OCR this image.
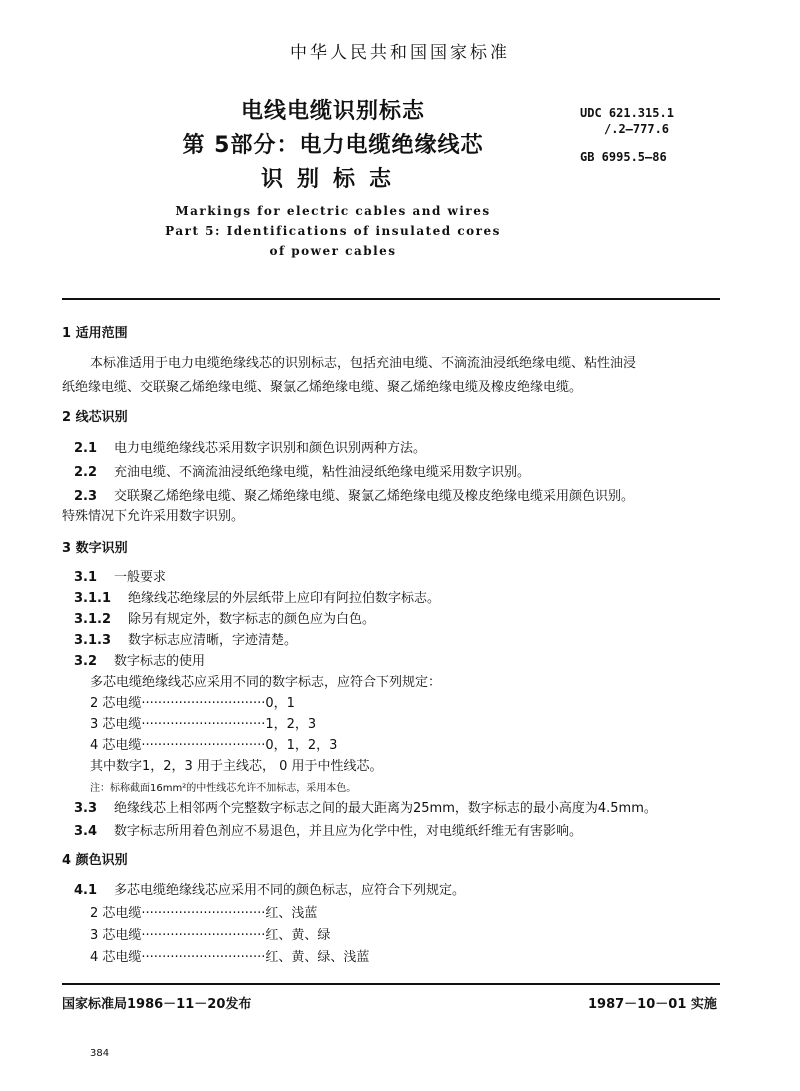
中华人民共和国国家标准
电线电缆识别标志
第 5部分：电力电缆绝缘线芯
识别标志
Markings for electric cables and wires
Part 5: Identifications of insulated cores
of power cables
UDC 621.315.1
/.2—777.6
GB 6995.5—86
1 适用范围
本标准适用于电力电缆绝缘线芯的识别标志，包括充油电缆、不滴流油浸纸绝缘电缆、粘性油浸
纸绝缘电缆、交联聚乙烯绝缘电缆、聚氯乙烯绝缘电缆、聚乙烯绝缘电缆及橡皮绝缘电缆。
2 线芯识别
2.1 电力电缆绝缘线芯采用数字识别和颜色识别两种方法。
2.2 充油电缆、不滴流油浸纸绝缘电缆，粘性油浸纸绝缘电缆采用数字识别。
2.3 交联聚乙烯绝缘电缆、聚乙烯绝缘电缆、聚氯乙烯绝缘电缆及橡皮绝缘电缆采用颜色识别。
特殊情况下允许采用数字识别。
3 数字识别
3.1 一般要求
3.1.1 绝缘线芯绝缘层的外层纸带上应印有阿拉伯数字标志。
3.1.2 除另有规定外，数字标志的颜色应为白色。
3.1.3 数字标志应清晰，字迹清楚。
3.2 数字标志的使用
多芯电缆绝缘线芯应采用不同的数字标志，应符合下列规定：
2 芯电缆······························0，1
3 芯电缆······························1，2，3
4 芯电缆······························0，1，2，3
其中数字1，2，3 用于主线芯， 0 用于中性线芯。
注：标称截面16mm²的中性线芯允许不加标志，采用本色。
3.3 绝缘线芯上相邻两个完整数字标志之间的最大距离为25mm，数字标志的最小高度为4.5mm。
3.4 数字标志所用着色剂应不易退色，并且应为化学中性，对电缆纸纤维无有害影响。
4 颜色识别
4.1 多芯电缆绝缘线芯应采用不同的颜色标志，应符合下列规定。
2 芯电缆······························红、浅蓝
3 芯电缆······························红、黄、绿
4 芯电缆······························红、黄、绿、浅蓝
国家标准局1986－11－20发布	1987－10－01 实施
384
